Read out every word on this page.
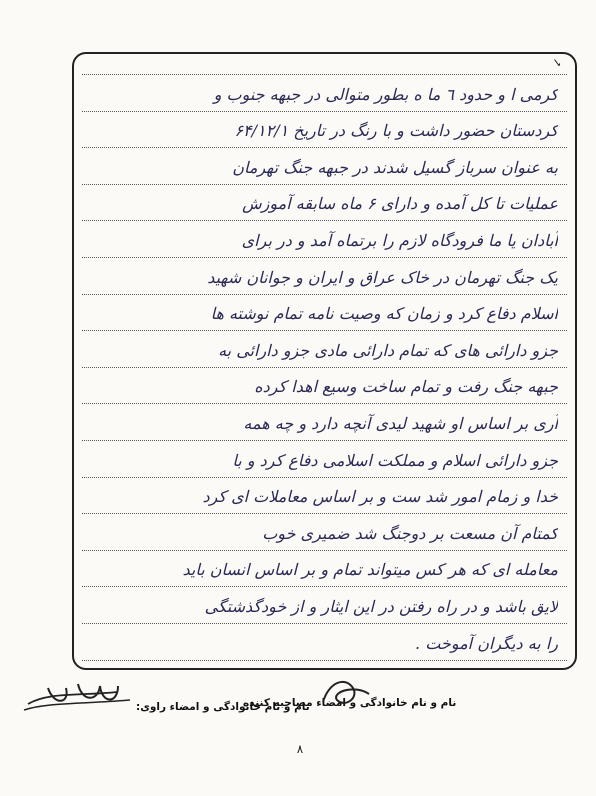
✓
کرمی ا و حدود ٦ ما ه بطور متوالی در جبهه جنوب و
کردستان حضور داشت و با رنگ در تاریخ ۶۴/۱۲/۱
به عنوان سرباز گسیل شدند در جبهه جنگ تهرمان
عملیات تا کل آمده و دارای ۶ ماه سابقه آموزش
آبادان یا ما فرودگاه لازم را برتماه آمد و در برای
یک جنگ تهرمان در خاک عراق و ایران و جوانان شهید
اسلام دفاع کرد و زمان که وصیت نامه تمام نوشته ها
جزو دارائی های که تمام دارائی مادی جزو دارائی به
جبهه جنگ رفت و تمام ساخت وسیع اهدا کرده
آری بر اساس او شهید لیدی آنچه دارد و چه همه
جزو دارائی اسلام و مملکت اسلامی دفاع کرد و با
خدا و زمام امور شد ست و بر اساس معاملات ای کرد
کمتام آن مسعت بر دوجنگ شد ضمیری خوب
معامله ای که هر کس میتواند تمام و بر اساس انسان باید
لایق باشد و در راه رفتن در این ایثار و از خودگذشتگی
را به دیگران آموخت .
نام و نام خانوادگی و امضاء مصاحبه کننده
نام و نام خانوادگی و امضاء راوی:
۸
